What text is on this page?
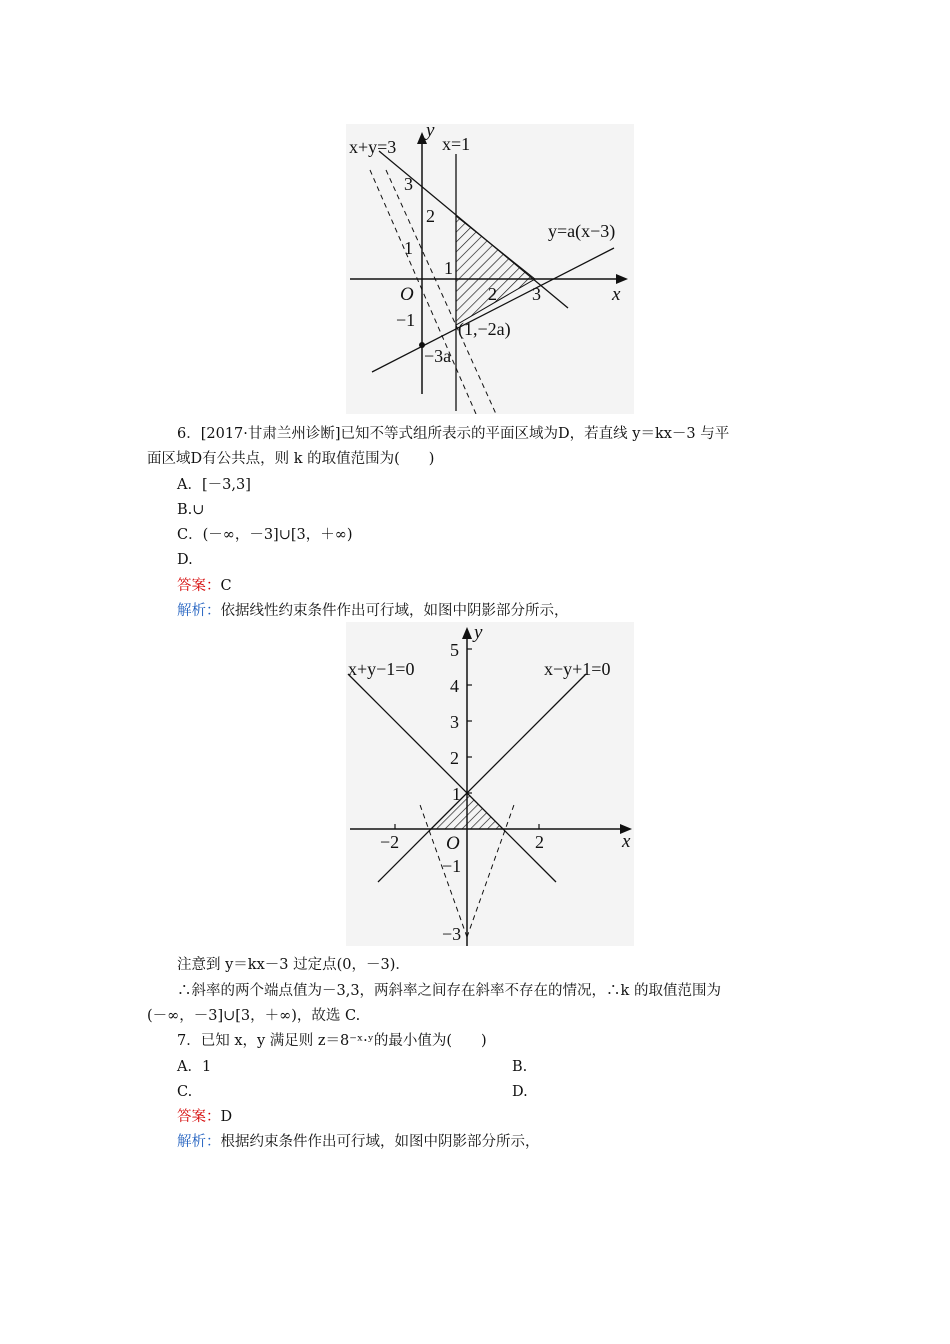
y
x
O
x+y=3	x=1
y=a(x−3)
(1,−2a)
−3a
3
2
1
−1
1
2 3
6．[2017·甘肃兰州诊断]已知不等式组所表示的平面区域为D，若直线 y＝kx－3 与平
面区域D有公共点，则 k 的取值范围为(　　)
A．[－3,3]
B.∪
C．(－∞，－3]∪[3，＋∞)
D.
答案：C
解析：依据线性约束条件作出可行域，如图中阴影部分所示，
y
x
O
x+y−1=0	x−y+1=0
5
4
3
2
1
−1
−3
−2	2
注意到 y＝kx－3 过定点(0，－3)．
∴斜率的两个端点值为－3,3，两斜率之间存在斜率不存在的情况，∴k 的取值范围为
(－∞，－3]∪[3，＋∞)，故选 C.
7．已知 x，y 满足则 z＝8⁻ˣ·ʸ的最小值为(　　)
A．1	B.
C.	D.
答案：D
解析：根据约束条件作出可行域，如图中阴影部分所示，
